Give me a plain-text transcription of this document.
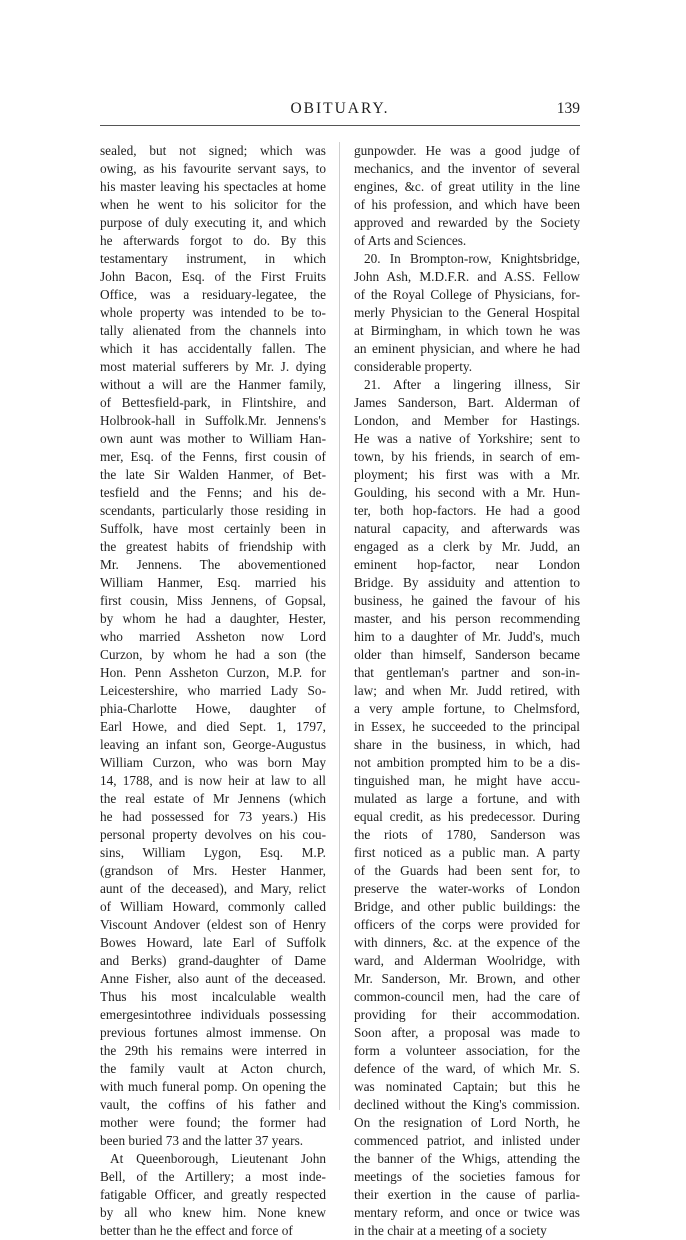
OBITUARY.	139
sealed, but not signed; which was
owing, as his favourite servant says, to
his master leaving his spectacles at home
when he went to his solicitor for the
purpose of duly executing it, and which
he afterwards forgot to do. By this
testamentary instrument, in which
John Bacon, Esq. of the First Fruits
Office, was a residuary-legatee, the
whole property was intended to be to-
tally alienated from the channels into
which it has accidentally fallen. The
most material sufferers by Mr. J. dying
without a will are the Hanmer family,
of Bettesfield-park, in Flintshire, and
Holbrook-hall in Suffolk.Mr. Jennens's
own aunt was mother to William Han-
mer, Esq. of the Fenns, first cousin of
the late Sir Walden Hanmer, of Bet-
tesfield and the Fenns; and his de-
scendants, particularly those residing in
Suffolk, have most certainly been in
the greatest habits of friendship with
Mr. Jennens. The abovementioned
William Hanmer, Esq. married his
first cousin, Miss Jennens, of Gopsal,
by whom he had a daughter, Hester,
who married Assheton now Lord
Curzon, by whom he had a son (the
Hon. Penn Assheton Curzon, M.P. for
Leicestershire, who married Lady So-
phia-Charlotte Howe, daughter of
Earl Howe, and died Sept. 1, 1797,
leaving an infant son, George-Augustus
William Curzon, who was born May
14, 1788, and is now heir at law to all
the real estate of Mr Jennens (which
he had possessed for 73 years.) His
personal property devolves on his cou-
sins, William Lygon, Esq. M.P.
(grandson of Mrs. Hester Hanmer,
aunt of the deceased), and Mary, relict
of William Howard, commonly called
Viscount Andover (eldest son of Henry
Bowes Howard, late Earl of Suffolk
and Berks) grand-daughter of Dame
Anne Fisher, also aunt of the deceased.
Thus his most incalculable wealth
emergesintothree individuals possessing
previous fortunes almost immense. On
the 29th his remains were interred in
the family vault at Acton church,
with much funeral pomp. On opening the
vault, the coffins of his father and
mother were found; the former had
been buried 73 and the latter 37 years.
At Queenborough, Lieutenant John
Bell, of the Artillery; a most inde-
fatigable Officer, and greatly respected
by all who knew him. None knew
better than he the effect and force of
gunpowder. He was a good judge of
mechanics, and the inventor of several
engines, &c. of great utility in the line
of his profession, and which have been
approved and rewarded by the Society
of Arts and Sciences.
20. In Brompton-row, Knightsbridge,
John Ash, M.D.F.R. and A.SS. Fellow
of the Royal College of Physicians, for-
merly Physician to the General Hospital
at Birmingham, in which town he was
an eminent physician, and where he had
considerable property.
21. After a lingering illness, Sir
James Sanderson, Bart. Alderman of
London, and Member for Hastings.
He was a native of Yorkshire; sent to
town, by his friends, in search of em-
ployment; his first was with a Mr.
Goulding, his second with a Mr. Hun-
ter, both hop-factors. He had a good
natural capacity, and afterwards was
engaged as a clerk by Mr. Judd, an
eminent hop-factor, near London
Bridge. By assiduity and attention to
business, he gained the favour of his
master, and his person recommending
him to a daughter of Mr. Judd's, much
older than himself, Sanderson became
that gentleman's partner and son-in-
law; and when Mr. Judd retired, with
a very ample fortune, to Chelmsford,
in Essex, he succeeded to the principal
share in the business, in which, had
not ambition prompted him to be a dis-
tinguished man, he might have accu-
mulated as large a fortune, and with
equal credit, as his predecessor. During
the riots of 1780, Sanderson was
first noticed as a public man. A party
of the Guards had been sent for, to
preserve the water-works of London
Bridge, and other public buildings: the
officers of the corps were provided for
with dinners, &c. at the expence of the
ward, and Alderman Woolridge, with
Mr. Sanderson, Mr. Brown, and other
common-council men, had the care of
providing for their accommodation.
Soon after, a proposal was made to
form a volunteer association, for the
defence of the ward, of which Mr. S.
was nominated Captain; but this he
declined without the King's commission.
On the resignation of Lord North, he
commenced patriot, and inlisted under
the banner of the Whigs, attending the
meetings of the societies famous for
their exertion in the cause of parlia-
mentary reform, and once or twice was
in the chair at a meeting of a society
